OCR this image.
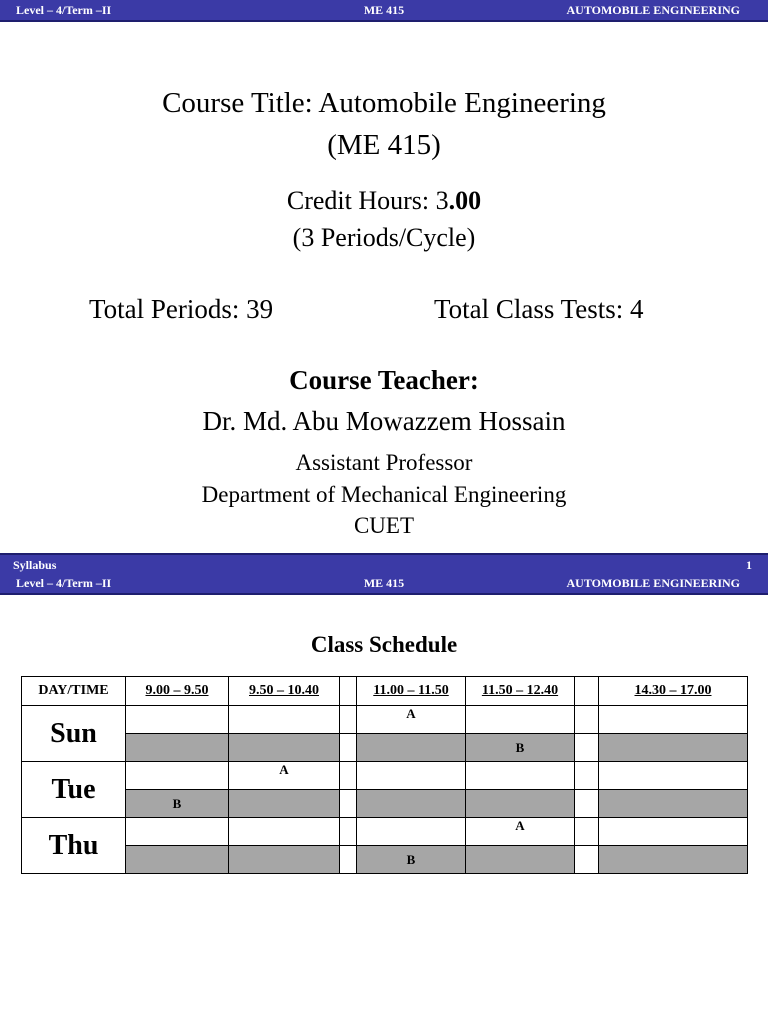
ME 415
Level – 4/Term –II	AUTOMOBILE ENGINEERING
Course Title: Automobile Engineering
(ME 415)
Credit Hours: 3.00
(3 Periods/Cycle)
Total Periods: 39	Total Class Tests: 4
Course Teacher:
Dr. Md. Abu Mowazzem Hossain
Assistant Professor
Department of Mechanical Engineering
CUET
Syllabus	1
ME 415
Level – 4/Term –II	AUTOMOBILE ENGINEERING
Class Schedule
DAY/TIME	9.00 – 9.50	9.50 – 10.40		11.00 – 11.50	11.50 – 12.40		14.30 – 17.00
Sun				A			
					B		
Tue		A					
	B						
Thu					A		
				B			
